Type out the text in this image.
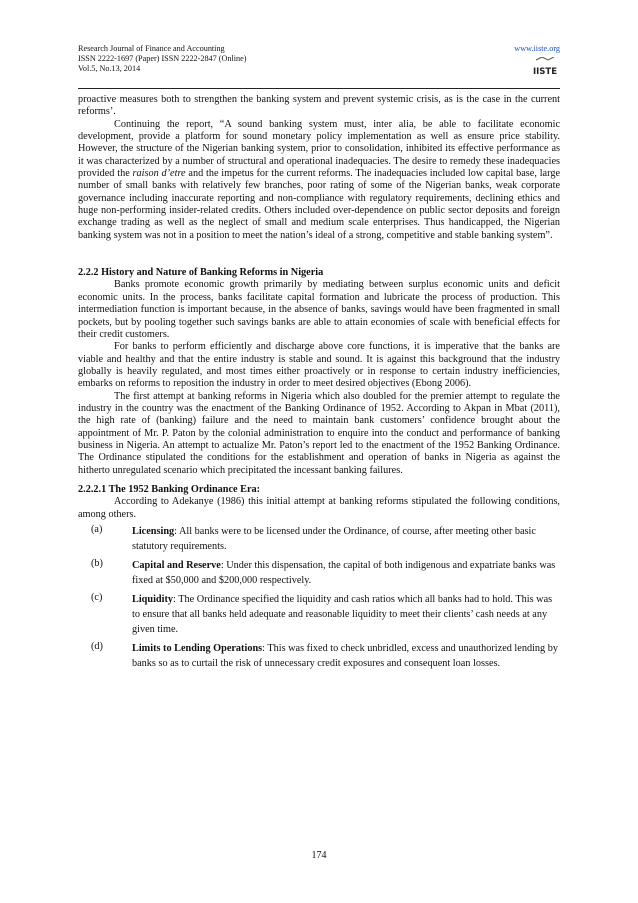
Research Journal of Finance and Accounting
ISSN 2222-1697 (Paper) ISSN 2222-2847 (Online)
Vol.5, No.13, 2014
www.iiste.org
IISTE

proactive measures both to strengthen the banking system and prevent systemic crisis, as is the case in the current reforms’.

Continuing the report, “A sound banking system must, inter alia, be able to facilitate economic development, provide a platform for sound monetary policy implementation as well as ensure price stability. However, the structure of the Nigerian banking system, prior to consolidation, inhibited its effective performance as it was characterized by a number of structural and operational inadequacies. The desire to remedy these inadequacies provided the raison d’etre and the impetus for the current reforms. The inadequacies included low capital base, large number of small banks with relatively few branches, poor rating of some of the Nigerian banks, weak corporate governance including inaccurate reporting and non-compliance with regulatory requirements, declining ethics and huge non-performing insider-related credits. Others included over-dependence on public sector deposits and foreign exchange trading as well as the neglect of small and medium scale enterprises. Thus handicapped, the Nigerian banking system was not in a position to meet the nation’s ideal of a strong, competitive and stable banking system”.

2.2.2 History and Nature of Banking Reforms in Nigeria

Banks promote economic growth primarily by mediating between surplus economic units and deficit economic units. In the process, banks facilitate capital formation and lubricate the process of production. This intermediation function is important because, in the absence of banks, savings would have been fragmented in small pockets, but by pooling together such savings banks are able to attain economies of scale with beneficial effects for their credit customers.

For banks to perform efficiently and discharge above core functions, it is imperative that the banks are viable and healthy and that the entire industry is stable and sound. It is against this background that the industry globally is heavily regulated, and most times either proactively or in response to certain industry inefficiencies, embarks on reforms to reposition the industry in order to meet desired objectives (Ebong 2006).

The first attempt at banking reforms in Nigeria which also doubled for the premier attempt to regulate the industry in the country was the enactment of the Banking Ordinance of 1952. According to Akpan in Mbat (2011), the high rate of (banking) failure and the need to maintain bank customers’ confidence brought about the appointment of Mr. P. Paton by the colonial administration to enquire into the conduct and performance of banking business in Nigeria. An attempt to actualize Mr. Paton’s report led to the enactment of the 1952 Banking Ordinance. The Ordinance stipulated the conditions for the establishment and operation of banks in Nigeria as against the hitherto unregulated scenario which precipitated the incessant banking failures.

2.2.2.1 The 1952 Banking Ordinance Era:

According to Adekanye (1986) this initial attempt at banking reforms stipulated the following conditions, among others.

(a)	Licensing: All banks were to be licensed under the Ordinance, of course, after meeting other basic statutory requirements.
(b)	Capital and Reserve: Under this dispensation, the capital of both indigenous and expatriate banks was fixed at $50,000 and $200,000 respectively.
(c)	Liquidity: The Ordinance specified the liquidity and cash ratios which all banks had to hold. This was to ensure that all banks held adequate and reasonable liquidity to meet their clients’ cash needs at any given time.
(d)	Limits to Lending Operations: This was fixed to check unbridled, excess and unauthorized lending by banks so as to curtail the risk of unnecessary credit exposures and consequent loan losses.
174
